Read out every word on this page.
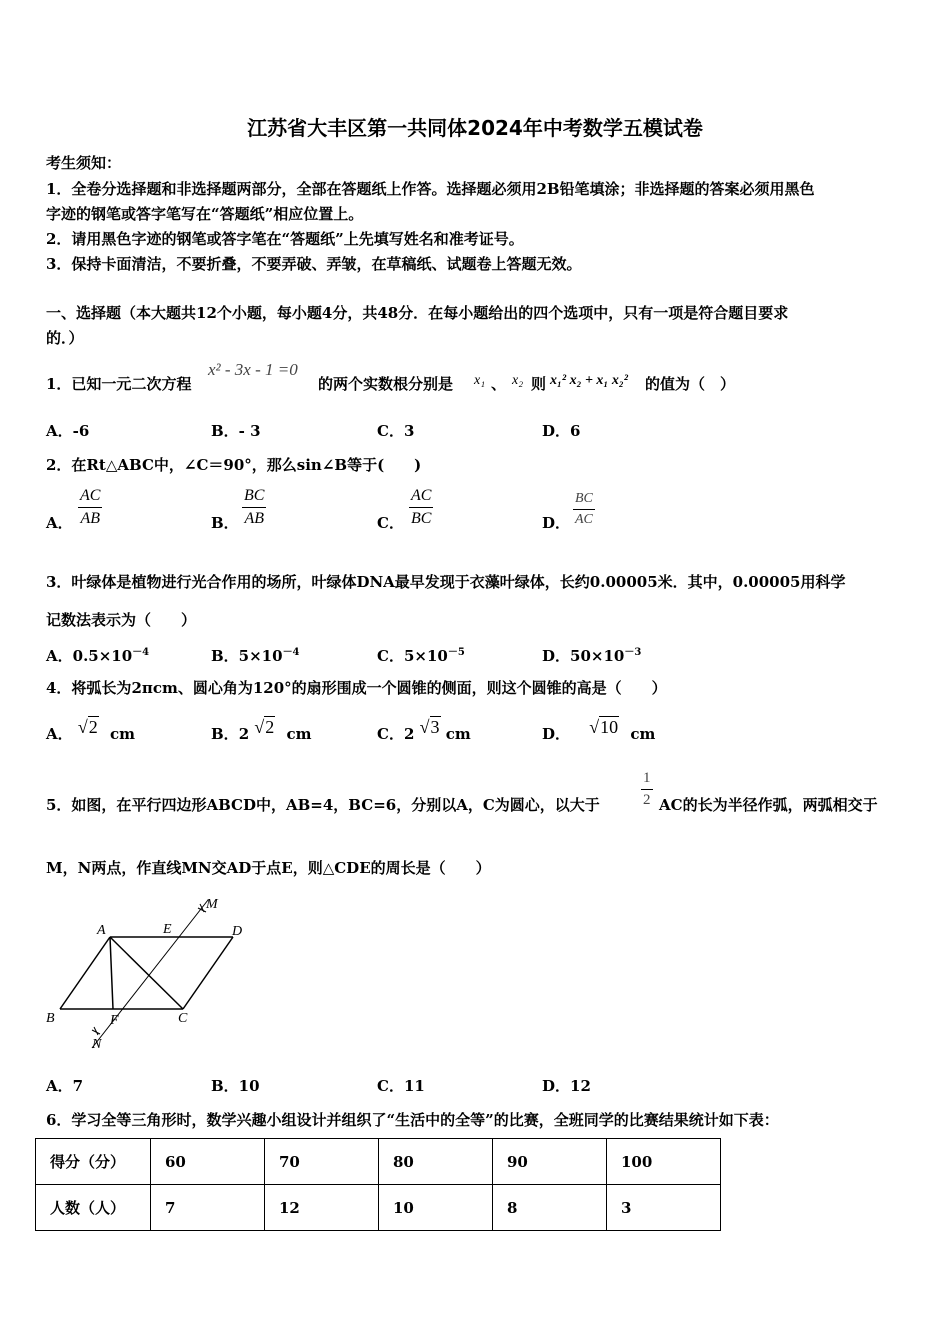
江苏省大丰区第一共同体2024年中考数学五模试卷
考生须知：
1．全卷分选择题和非选择题两部分，全部在答题纸上作答。选择题必须用2B铅笔填涂；非选择题的答案必须用黑色
字迹的钢笔或答字笔写在“答题纸”相应位置上。
2．请用黑色字迹的钢笔或答字笔在“答题纸”上先填写姓名和准考证号。
3．保持卡面清洁，不要折叠，不要弄破、弄皱，在草稿纸、试题卷上答题无效。
一、选择题（本大题共12个小题，每小题4分，共48分．在每小题给出的四个选项中，只有一项是符合题目要求
的．）
1．已知一元二次方程
x² - 3x - 1 =0
的两个实数根分别是 x₁ 、 x₂ 则 x₁² x₂ + x₁ x₂² 的值为（　）
A．-6	B．- 3	C．3	D．6
2．在Rt△ABC中，∠C＝90°，那么sin∠B等于(　　)
A． $\frac{AC}{AB}$	B． $\frac{BC}{AB}$	C． $\frac{AC}{BC}$	D． $\frac{BC}{AC}$
3．叶绿体是植物进行光合作用的场所，叶绿体DNA最早发现于衣藻叶绿体，长约0.00005米．其中，0.00005用科学
记数法表示为（　　）
A．$0.5\times 10^{-4}$	B．$5\times 10^{-4}$	C．$5\times 10^{-5}$	D．$50\times 10^{-3}$
4．将弧长为2πcm、圆心角为120°的扇形围成一个圆锥的侧面，则这个圆锥的高是（　　）
A． √2 cm	B．2 √2 cm	C．2 √3 cm	D． √10 cm
5．如图，在平行四边形ABCD中，AB=4，BC=6，分别以A，C为圆心，以大于	$\frac{1}{2}$ AC的长为半径作弧，两弧相交于
M，N两点，作直线MN交AD于点E，则△CDE的周长是（　　）
A
B	C
D
E
F
M
N
A．7	B．10	C．11	D．12
6．学习全等三角形时，数学兴趣小组设计并组织了“生活中的全等”的比赛，全班同学的比赛结果统计如下表：
得分（分）	60	70	80	90	100
人数（人）	7	12	10	8	3
